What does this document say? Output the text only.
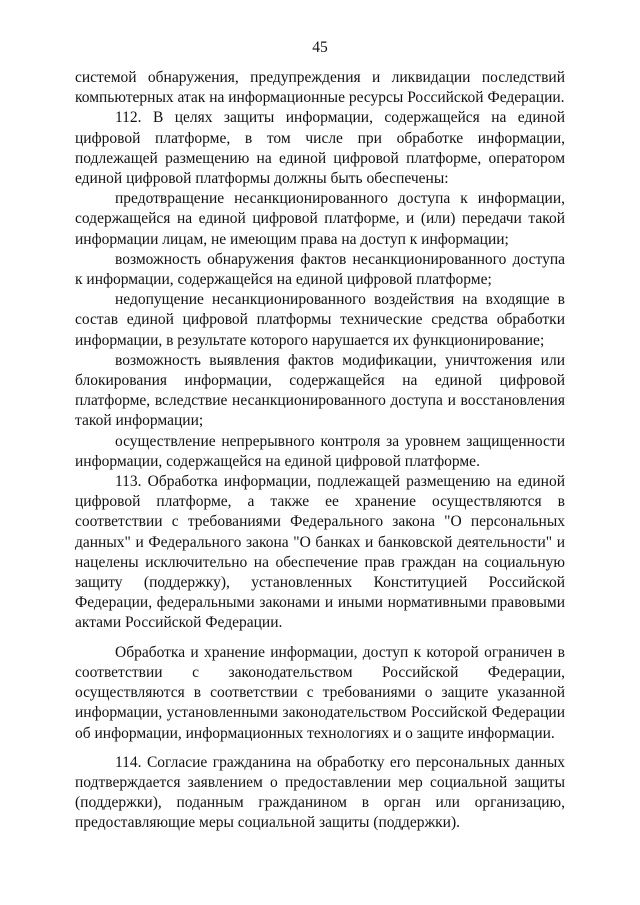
45

системой обнаружения, предупреждения и ликвидации последствий компьютерных атак на информационные ресурсы Российской Федерации.

112. В целях защиты информации, содержащейся на единой цифровой платформе, в том числе при обработке информации, подлежащей размещению на единой цифровой платформе, оператором единой цифровой платформы должны быть обеспечены:

предотвращение несанкционированного доступа к информации, содержащейся на единой цифровой платформе, и (или) передачи такой информации лицам, не имеющим права на доступ к информации;

возможность обнаружения фактов несанкционированного доступа к информации, содержащейся на единой цифровой платформе;

недопущение несанкционированного воздействия на входящие в состав единой цифровой платформы технические средства обработки информации, в результате которого нарушается их функционирование;

возможность выявления фактов модификации, уничтожения или блокирования информации, содержащейся на единой цифровой платформе, вследствие несанкционированного доступа и восстановления такой информации;

осуществление непрерывного контроля за уровнем защищенности информации, содержащейся на единой цифровой платформе.

113. Обработка информации, подлежащей размещению на единой цифровой платформе, а также ее хранение осуществляются в соответствии с требованиями Федерального закона "О персональных данных" и Федерального закона "О банках и банковской деятельности" и нацелены исключительно на обеспечение прав граждан на социальную защиту (поддержку), установленных Конституцией Российской Федерации, федеральными законами и иными нормативными правовыми актами Российской Федерации.

Обработка и хранение информации, доступ к которой ограничен в соответствии с законодательством Российской Федерации, осуществляются в соответствии с требованиями о защите указанной информации, установленными законодательством Российской Федерации об информации, информационных технологиях и о защите информации.

114. Согласие гражданина на обработку его персональных данных подтверждается заявлением о предоставлении мер социальной защиты (поддержки), поданным гражданином в орган или организацию, предоставляющие меры социальной защиты (поддержки).
